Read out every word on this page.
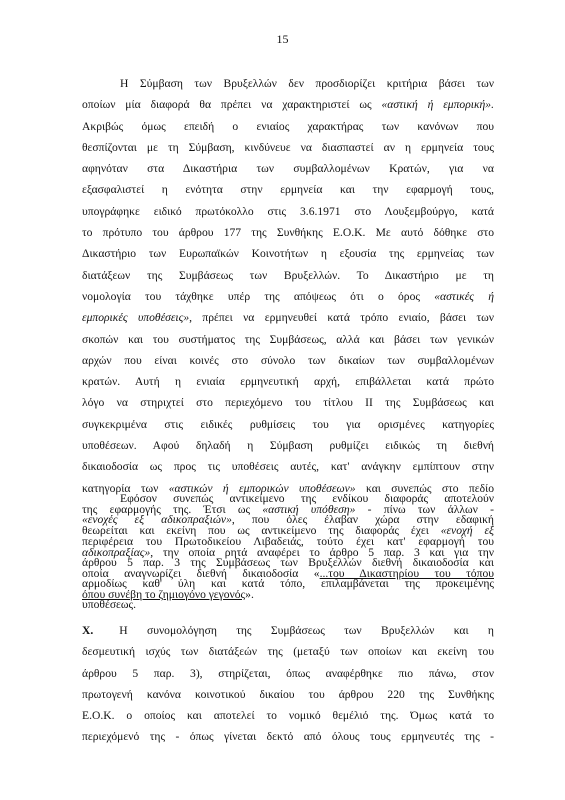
15
Η Σύμβαση των Βρυξελλών δεν προσδιορίζει κριτήρια βάσει των
οποίων μία διαφορά θα πρέπει να χαρακτηριστεί ως «αστική ή εμπορική».
Ακριβώς όμως επειδή ο ενιαίος χαρακτήρας των κανόνων που
θεσπίζονται με τη Σύμβαση, κινδύνευε να διασπαστεί αν η ερμηνεία τους
αφηνόταν στα Δικαστήρια των συμβαλλομένων Κρατών, για να
εξασφαλιστεί η ενότητα στην ερμηνεία και την εφαρμογή τους,
υπογράφηκε ειδικό πρωτόκολλο στις 3.6.1971 στο Λουξεμβούργο, κατά
το πρότυπο του άρθρου 177 της Συνθήκης Ε.Ο.Κ. Με αυτό δόθηκε στο
Δικαστήριο των Ευρωπαϊκών Κοινοτήτων η εξουσία της ερμηνείας των
διατάξεων της Συμβάσεως των Βρυξελλών. Το Δικαστήριο με τη
νομολογία του τάχθηκε υπέρ της απόψεως ότι ο όρος «αστικές ή
εμπορικές υποθέσεις», πρέπει να ερμηνευθεί κατά τρόπο ενιαίο, βάσει των
σκοπών και του συστήματος της Συμβάσεως, αλλά και βάσει των γενικών
αρχών που είναι κοινές στο σύνολο των δικαίων των συμβαλλομένων
κρατών. Αυτή η ενιαία ερμηνευτική αρχή, επιβάλλεται κατά πρώτο
λόγο να στηριχτεί στο περιεχόμενο του τίτλου ΙΙ της Συμβάσεως και
συγκεκριμένα στις ειδικές ρυθμίσεις του για ορισμένες κατηγορίες
υποθέσεων. Αφού δηλαδή η Σύμβαση ρυθμίζει ειδικώς τη διεθνή
δικαιοδοσία ως προς τις υποθέσεις αυτές, κατ' ανάγκην εμπίπτουν στην
κατηγορία των «αστικών ή εμπορικών υποθέσεων» και συνεπώς στο πεδίο
της εφαρμογής της. Έτσι ως «αστική υπόθεση» - πίνω των άλλων -
θεωρείται και εκείνη που ως αντικείμενο της διαφοράς έχει «ενοχή εξ
αδικοπραξίας», την οποία ρητά αναφέρει το άρθρο 5 παρ. 3 και για την
οποία αναγνωρίζει διεθνή δικαιοδοσία «...του Δικαστηρίου του τόπου
όπου συνέβη το ζημιογόνο γεγονός».
Εφόσον συνεπώς αντικείμενο της ενδίκου διαφοράς αποτελούν
«ενοχές εξ αδικοπραξιών», που όλες έλαβαν χώρα στην εδαφική
περιφέρεια του Πρωτοδικείου Λιβαδειάς, τούτο έχει κατ' εφαρμογή του
άρθρου 5 παρ. 3 της Συμβάσεως των Βρυξελλών διεθνή δικαιοδοσία και
αρμοδίως καθ' ύλη και κατά τόπο, επιλαμβάνεται της προκειμένης
υποθέσεως.
Χ. Η συνομολόγηση της Συμβάσεως των Βρυξελλών και η
δεσμευτική ισχύς των διατάξεών της (μεταξύ των οποίων και εκείνη του
άρθρου 5 παρ. 3), στηρίζεται, όπως αναφέρθηκε πιο πάνω, στον
πρωτογενή κανόνα κοινοτικού δικαίου του άρθρου 220 της Συνθήκης
Ε.Ο.Κ. ο οποίος και αποτελεί το νομικό θεμέλιό της. Όμως κατά το
περιεχόμενό της - όπως γίνεται δεκτό από όλους τους ερμηνευτές της -
